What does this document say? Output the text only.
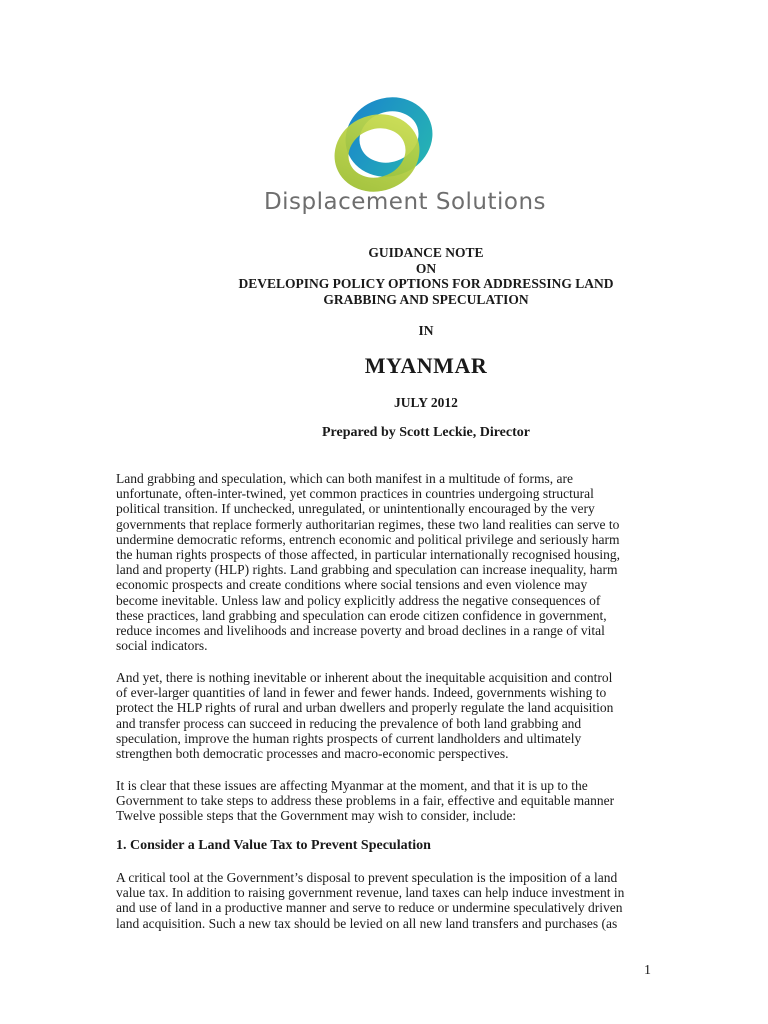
Displacement Solutions
GUIDANCE NOTE
ON
DEVELOPING POLICY OPTIONS FOR ADDRESSING LAND
GRABBING AND SPECULATION
IN
MYANMAR
JULY 2012
Prepared by Scott Leckie, Director
Land grabbing and speculation, which can both manifest in a multitude of forms, are
unfortunate, often-inter-twined, yet common practices in countries undergoing structural
political transition. If unchecked, unregulated, or unintentionally encouraged by the very
governments that replace formerly authoritarian regimes, these two land realities can serve to
undermine democratic reforms, entrench economic and political privilege and seriously harm
the human rights prospects of those affected, in particular internationally recognised housing,
land and property (HLP) rights. Land grabbing and speculation can increase inequality, harm
economic prospects and create conditions where social tensions and even violence may
become inevitable. Unless law and policy explicitly address the negative consequences of
these practices, land grabbing and speculation can erode citizen confidence in government,
reduce incomes and livelihoods and increase poverty and broad declines in a range of vital
social indicators.
And yet, there is nothing inevitable or inherent about the inequitable acquisition and control
of ever-larger quantities of land in fewer and fewer hands. Indeed, governments wishing to
protect the HLP rights of rural and urban dwellers and properly regulate the land acquisition
and transfer process can succeed in reducing the prevalence of both land grabbing and
speculation, improve the human rights prospects of current landholders and ultimately
strengthen both democratic processes and macro-economic perspectives.
It is clear that these issues are affecting Myanmar at the moment, and that it is up to the
Government to take steps to address these problems in a fair, effective and equitable manner
Twelve possible steps that the Government may wish to consider, include:
1. Consider a Land Value Tax to Prevent Speculation
A critical tool at the Government’s disposal to prevent speculation is the imposition of a land
value tax. In addition to raising government revenue, land taxes can help induce investment in
and use of land in a productive manner and serve to reduce or undermine speculatively driven
land acquisition. Such a new tax should be levied on all new land transfers and purchases (as
1
